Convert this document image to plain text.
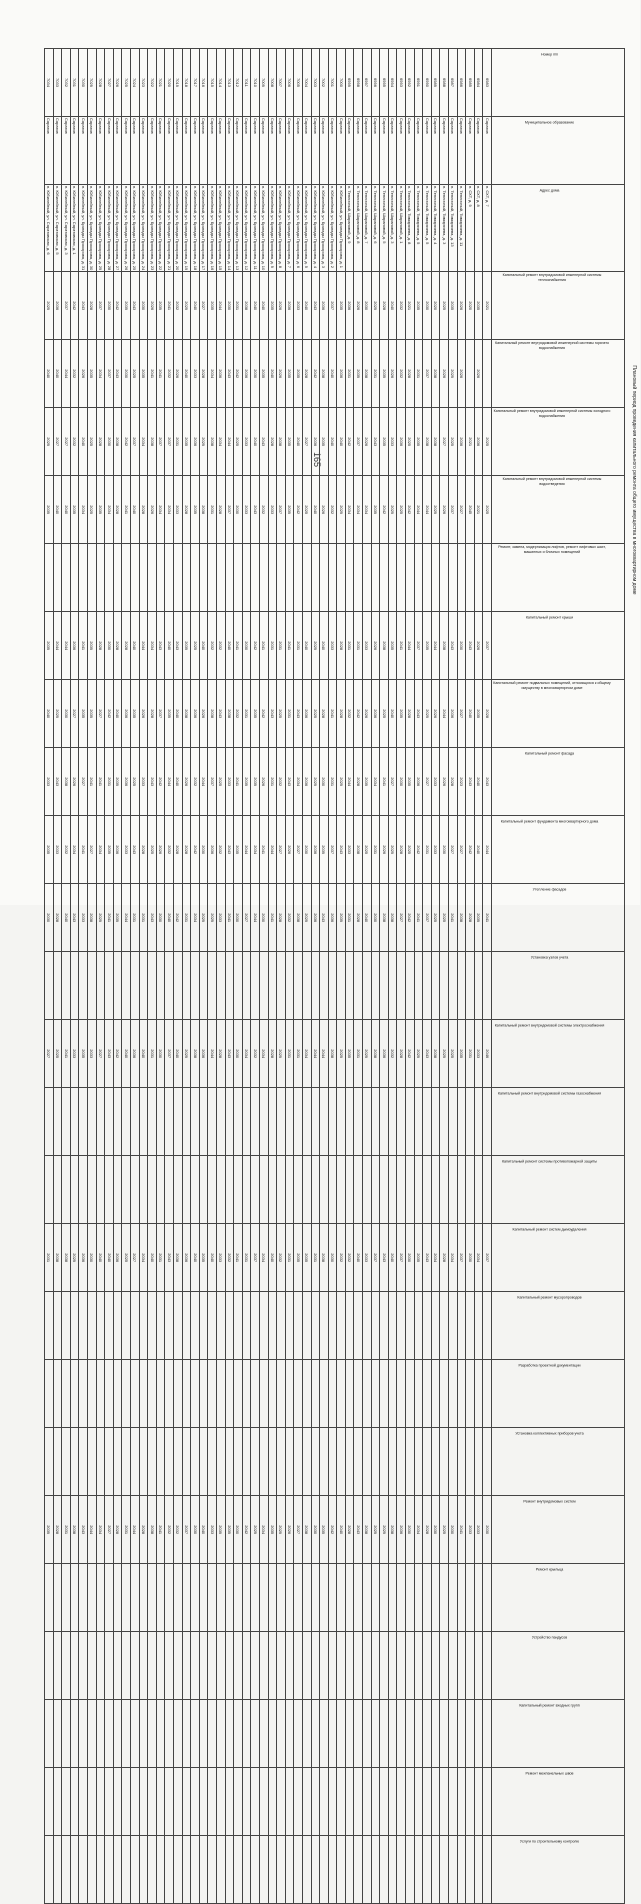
165	Плановый период проведения капитального ремонта общего имущества в многоквартирном доме
Номер п/п	Муниципальное образование	Адрес дома	Капитальный ремонт внутридомовой инженерной системы теплоснабжения	Капитальный ремонт внутридомовой инженерной системы горячего водоснабжения	Капитальный ремонт внутридомовой инженерной системы холодного водоснабжения	Капитальный ремонт внутридомовой инженерной системы водоотведения	Ремонт, замена, модернизация лифтов, ремонт лифтовых шахт, машинных и блочных помещений	Капитальный ремонт крыши	Капитальный ремонт подвальных помещений, относящихся к общему имуществу в многоквартирном доме	Капитальный ремонт фасада	Капитальный ремонт фундамента многоквартирного дома	Утепление фасадов	Установка узлов учета	Капитальный ремонт внутридомовой системы электроснабжения	Капитальный ремонт внутридомовой системы газоснабжения	Капитальный ремонт системы противопожарной защиты	Капитальный ремонт систем дымоудаления	Капитальный ремонт мусоропроводов	Разработка проектной документации	Установка коллективных приборов учета	Ремонт внутридомовых систем	Ремонт крыльца	Устройство пандусов	Капитальный ремонт входных групп	Ремонт межпанельных швов	Услуги по строительному контролю

6983	Саратов	п. СХТ, д. 7	2021		2025	2025		2037	2028	2043	2044	2041		2046			2037				2030					
6984	Саратов	п. СХТ, д. 8	2035	2026	2036	2021		2026	2035	2040	2040	2039		2033			2034				2033					
6985	Саратов	п. СХТ, д. 9	2020		2021	2045		2043	2040	2043	2042	2028		2031			2030				2033					
6986	Саратов	п. Тепличный, Тимирязева, д. 11	2026	2026	2036	2027		2030	2027	2023	2027	2038		2035			2037				2041					
6987	Саратов	п. Тепличный, Тимирязева, д. 13	2035	2029	2025	2037		2043	2036	2028	2027	2041		2025			2034				2030					
6988	Саратов	п. Тепличный, Тимирязева, д. 3	2025	2026	2027	2026		2038	2044	2026	2030	2025		2029			2028				2025					
6989	Саратов	п. Тепличный, Тимирязева, д. 4	2020	2038	2038	2029		2044	2026	2033	2033	2025		2038			2034				2030					
6990	Саратов	п. Тепличный, Тимирязева, д. 5	2030	2037	2038	2044		2039	2029	2027	2031	2037		2043			2043				2028					
6991	Саратов	п. Тепличный, Тимирязева, д. 5	2035	2031	2035	2044		2037	2043	2036	2042	2041		2029			2035				2034					
6992	Саратов	п. Тепличный, Тимирязева, д. 8	2021	2028	2025	2042		2044	2028	2035	2025	2042		2042			2030				2030					
6993	Саратов	п. Тепличный, Шараповой, д. 1	2032	2032	2036	2025		2041	2039	2030	2028	2027		2028			2037				2036					
6994	Саратов	п. Тепличный, Шараповой, д. 3	2040	2026	2033	2029		2035	2040	2027	2029	2038		2032			2040				2038					
6995	Саратов	п. Тепличный, Шараповой, д. 5	2028	2039	2035	2042		2038	2025	2041	2026	2038		2036			2043				2029					
6996	Саратов	п. Тепличный, Шараповой, д. 6	2029	2031	2043	2039		2026	2036	2034	2031	2030		2038			2037				2029					
6997	Саратов	п. Тепличный, Шараповой, д. 7	2030	2038	2026	2034		2033	2026	2039	2025	2040		2029			2033				2038					
6998	Саратов	п. Тепличный, Шараповой, д. 8	2026	2039	2037	2034		2031	2042	2028	2038	2028		2031			2040				2043					
6999	Саратов	п. Тепличный, Шараповой, д. 9	2036	2031	2042	2034		2031	2032	2044	2033	2031		2035			2032				2028					
7000	Саратов	п. Юбилейный, ул. Бригады Прохорова, д. 1	2035	2036	2040	2029		2028	2028	2029	2043	2039		2029			2032				2040					
7001	Саратов	п. Юбилейный, ул. Бригады Прохорова, д. 2	2037	2040	2040	2032		2033	2041	2031	2037	2036		2038			2030				2042					
7002	Саратов	п. Юбилейный, ул. Бригады Прохорова, д. 3	2036	2038	2035	2026		2040	2028	2030	2039	2043		2044			2038				2035					
7003	Саратов	п. Юбилейный, ул. Бригады Прохорова, д. 4	2043	2042	2036	2040		2029	2025	2029	2036	2036		2044			2031				2030					
7004	Саратов	п. Юбилейный, ул. Бригады Прохорова, д. 5	2040	2028	2027	2025		2040	2036	2036	2030	2029		2034			2035				2038					
7005	Саратов	п. Юбилейный, ул. Бригады Прохорова, д. 6	2033	2035	2040	2042		2031	2043	2034	2027	2038		2031			2035				2027					
7006	Саратов	п. Юбилейный, ул. Бригады Прохорова, д. 7	2036	2035	2035	2039		2041	2031	2043	2026	2032		2031			2031				2026					
7007	Саратов	п. Юбилейный, ул. Бригады Прохорова, д. 8	2026	2026	2038	2037		2031	2025	2032	2027	2028		2029			2032				2029					
7008	Саратов	п. Юбилейный, ул. Бригады Прохорова, д. 9	2035	2040	2028	2033		2031	2043	2031	2044	2041		2028			2040				2035					
7009	Саратов	п. Юбилейный, ул. Бригады Прохорова, д. 10	2040	2035	2043	2032		2041	2042	2026	2041	2030		2034			2034				2034					
7010	Саратов	п. Юбилейный, ул. Бригады Прохорова, д. 11	2040	2030	2040	2043		2042	2035	2039	2034	2044		2032			2037				2029					
7011	Саратов	п. Юбилейный, ул. Бригады Прохорова, д. 12	2038	2036	2033	2033		2030	2031	2039	2044	2027		2034			2031				2042					
7012	Саратов	п. Юбилейный, ул. Бригады Прохорова, д. 13	2031	2042	2025	2030		2041	2032	2041	2035	2030		2030			2041				2030					
7013	Саратов	п. Юбилейный, ул. Бригады Прохорова, д. 14	2030	2043	2044	2037		2040	2038	2033	2043	2041		2043			2032				2039					
7014	Саратов	п. Юбилейный, ул. Бригады Прохорова, д. 15	2044	2036	2034	2028		2032	2043	2025	2032	2033		2028			2033				2039					
7015	Саратов	п. Юбилейный, ул. Бригады Прохорова, д. 16	2035	2034	2038	2031		2032	2038	2037	2036	2029		2044			2040				2033					
7016	Саратов	п. Юбилейный, ул. Бригады Прохорова, д. 17	2027	2028	2029	2038		2040	2026	2044	2030	2029		2036			2035				2040					
7017	Саратов	п. Юбилейный, ул. Бригады Прохорова, д. 18	2040	2033	2036	2039		2025	2036	2032	2042	2034		2038			2040				2030					
7018	Саратов	п. Юбилейный, ул. Бригады Прохорова, д. 19	2029	2040	2035	2028		2039	2038	2026	2028	2031		2029			2036				2037					
7019	Саратов	п. Юбилейный, ул. Бригады Прохорова, д. 20	2032	2026	2031	2033		2043	2040	2040	2028	2042		2040			2038				2032					
7020	Саратов	п. Юбилейный, ул. Бригады Прохорова, д. 21	2041	2032	2037	2034		2040	2039	2044	2032	2040		2037			2043				2032					
7021	Саратов	п. Юбилейный, ул. Бригады Прохорова, д. 22	2039	2041	2037	2034		2043	2037	2042	2026	2030		2030			2031				2041					
7022	Саратов	п. Юбилейный, ул. Бригады Прохорова, д. 23	2026	2041	2038	2026		2034	2028	2043	2025	2043		2031			2040				2038					
7023	Саратов	п. Юбилейный, ул. Бригады Прохорова, д. 24	2030	2035	2034	2028		2044	2026	2033	2028	2031		2040			2034				2028					
7024	Саратов	п. Юбилейный, ул. Бригады Прохорова, д. 25	2043	2025	2037	2040		2040	2035	2025	2043	2031		2036			2027				2044					
7025	Саратов	п. Юбилейный, ул. Бригады Прохорова, д. 26	2039	2030	2042	2041		2028	2036	2036	2033	2044		2040			2025				2031					
7026	Саратов	п. Юбилейный, ул. Бригады Прохорова, д. 27	2042	2043	2038	2028		2028	2040	2039	2036	2039		2042			2036				2028					
7027	Саратов	п. Юбилейный, ул. Бригады Прохорова, д. 28	2030	2037	2030	2034		2030	2042	2031	2039	2041		2043			2040				2027					
7028	Саратов	п. Юбилейный, ул. Бригады Прохорова, д. 29	2037	2034	2028	2039		2028	2027	2041	2034	2029		2027			2040				2034					
7029	Саратов	п. Юбилейный, ул. Бригады Прохорова, д. 30	2028	2035	2025	2025		2039	2039	2041	2027	2038		2033			2030				2044					
7030	Саратов	п. Юбилейный, ул. Бригады Прохорова, д. 31	2043	2026	2040	2034		2041	2035	2027	2041	2033		2035			2036				2043					
7031	Саратов	п. Юбилейный, ул. Саратовская, д. 1	2042	2032	2032	2035		2036	2027	2026	2034	2043		2033			2029				2038					
7032	Саратов	п. Юбилейный, ул. Саратовская, д. 3	2037	2044	2027	2040		2044	2030	2038	2032	2040		2041			2038				2031					
7033	Саратов	п. Юбилейный, ул. Саратовская, д. 5	2036	2040	2027	2040		2044	2029	2043	2033	2028		2025			2038				2028					
7034	Саратов	п. Юбилейный, ул. Саратовская, д. 6	2029	2040	2029	2039		2039	2040	2033	2035	2030		2027			2031				2039					
